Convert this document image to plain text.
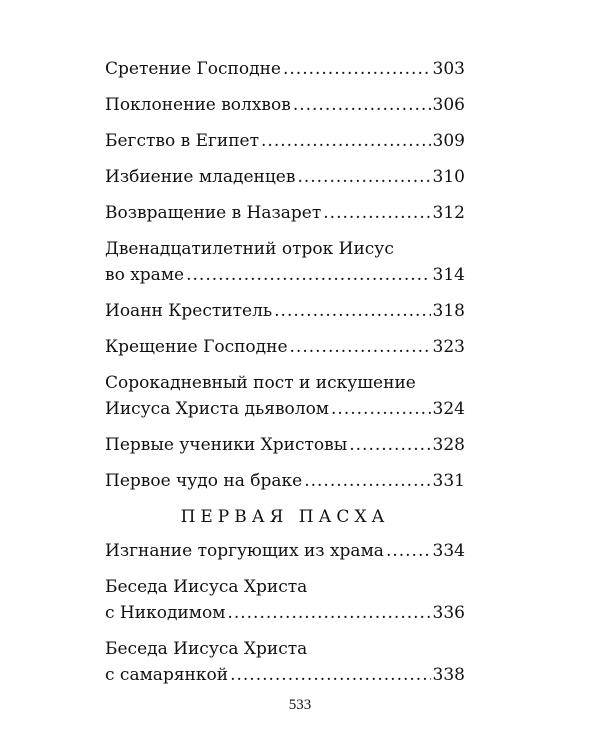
Сретение Господне .....	303
Поклонение волхвов .....	306
Бегство в Египет .....	309
Избиение младенцев .....	310
Возвращение в Назарет .....	312
Двенадцатилетний отрок Иисус
во храме .....	314
Иоанн Креститель .....	318
Крещение Господне .....	323
Сорокадневный пост и искушение
Иисуса Христа дьяволом .....	324
Первые ученики Христовы .....	328
Первое чудо на браке .....	331
ПЕРВАЯ ПАСХА
Изгнание торгующих из храма .....	334
Беседа Иисуса Христа
с Никодимом .....	336
Беседа Иисуса Христа
с самарянкой .....	338
533
